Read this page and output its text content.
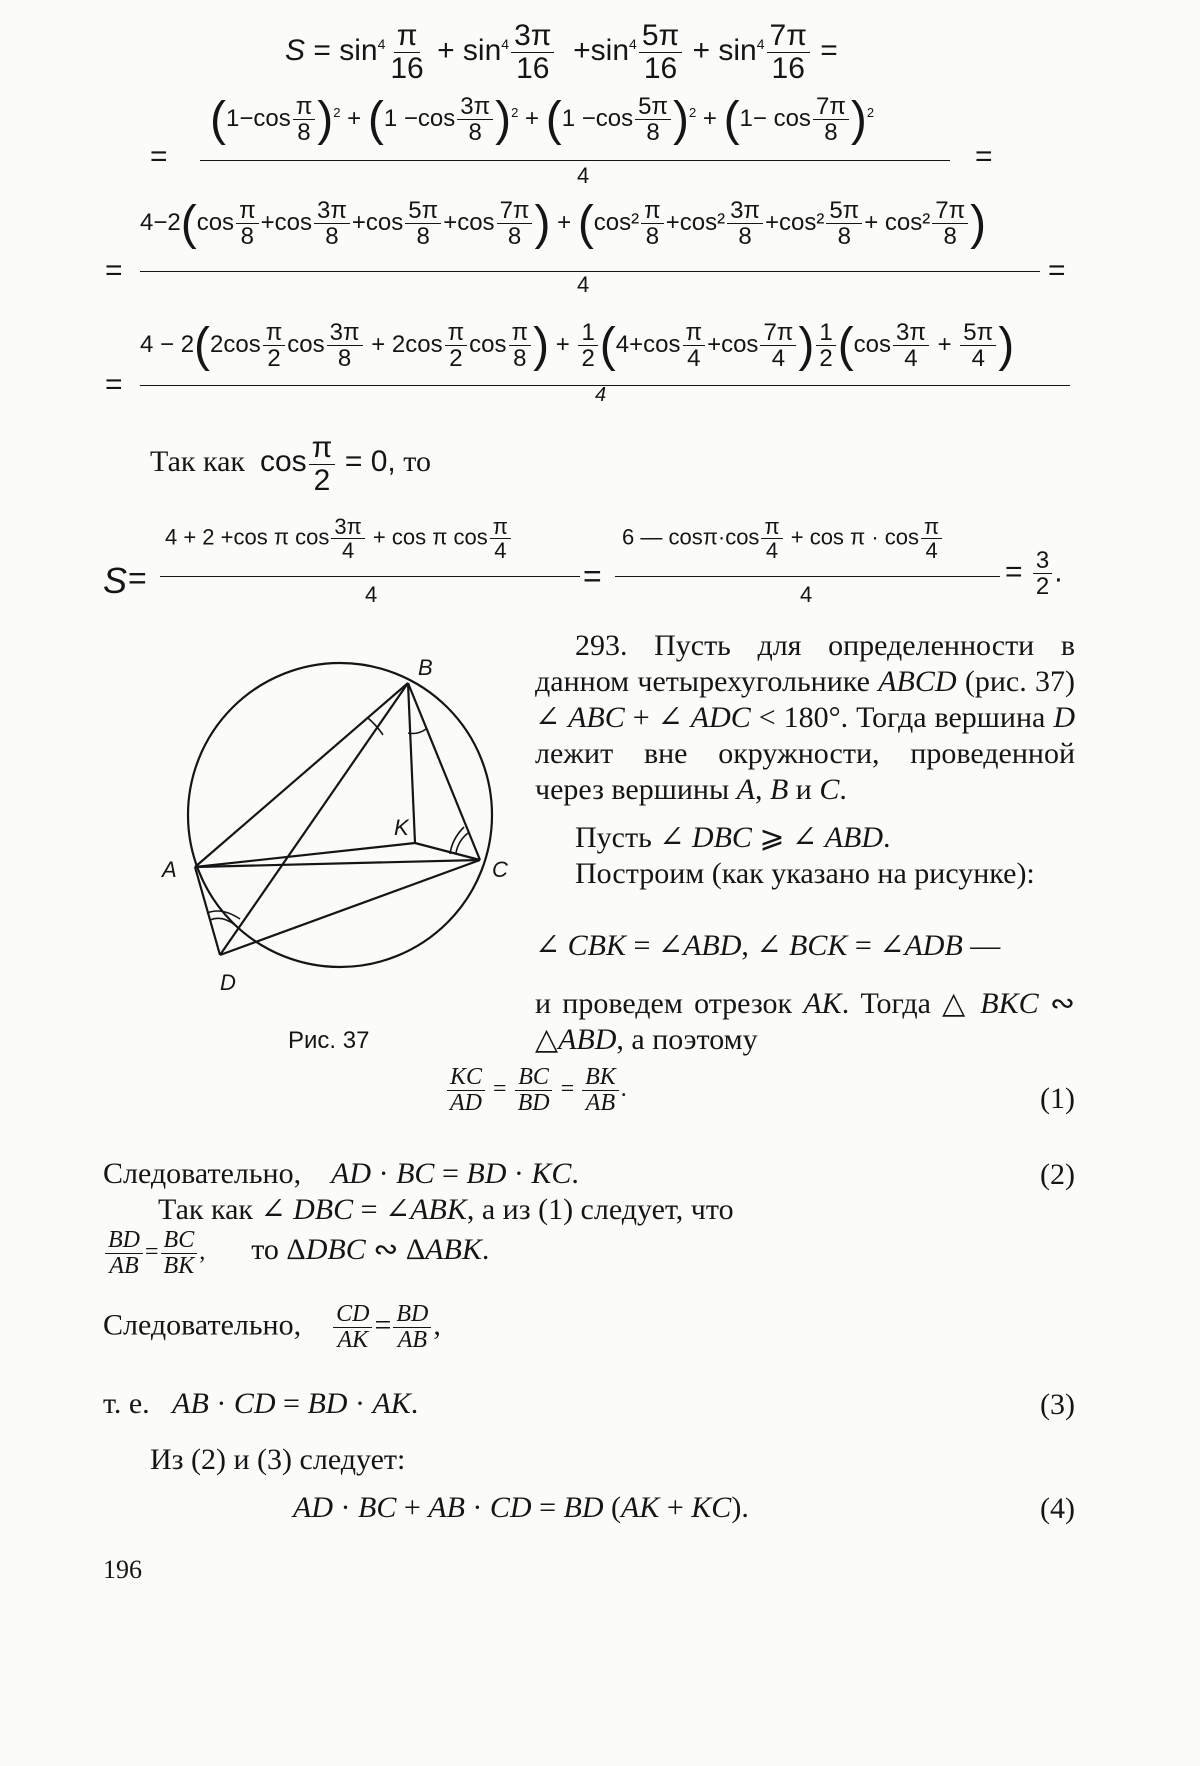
$S = \sin^4 \frac{\pi}{16} + \sin^4 \frac{3\pi}{16} +\sin^4 \frac{5\pi}{16} + \sin^4 \frac{7\pi}{16}$ =
$(1-\cos \frac{\pi}{8} )^2 + (1 -\cos \frac{3\pi}{8} )^2 + (1 -\cos \frac{5\pi}{8} )^2 + (1- \cos \frac{7\pi}{8} )^2$
=
4
=
$4-2(\cos \frac{\pi}{8} +\cos \frac{3\pi}{8} +\cos \frac{5\pi}{8} +\cos \frac{7\pi}{8}$ ) + ($\cos^2 \frac{\pi}{8} +\cos^2 \frac{3\pi}{8} +\cos^2 \frac{5\pi}{8} + \cos^2 \frac{7\pi}{8}$ )
=	4	=
$4 - 2(2\cos \frac{\pi}{2}$ $\cos \frac{3\pi}{8} + 2\cos \frac{\pi}{2}$ $\cos \frac{\pi}{8}$ ) + $\frac{1}{2} (4+\cos \frac{\pi}{4} +\cos \frac{7\pi}{4}$ ) $\frac{1}{2} (\cos \frac{3\pi}{4} + \frac{5\pi}{4}$ )
=	4
Так как  $\cos \frac{\pi}{2} = 0$, то
S =
4 + 2 +cos π $\cos \frac{3\pi}{4} + \cos \pi$ $\cos \frac{\pi}{4}$
4
=
6 — $\cos\pi\cdot\cos \frac{\pi}{4} + \cos \pi \cdot \cos \frac{\pi}{4}$
4
= $\frac{3}{2}$ .
B
A	C
K
D
Рис. 37
293. Пусть для определенности в данном четырехугольнике ABCD (рис. 37) ∠ ABC + ∠ ADC < 180°. Тогда вершина D лежит вне окружности, проведенной через вершины A, B и C.
Пусть ∠ DBC ⩾ ∠ ABD.
Построим (как указано на рисунке):
∠ CBK = ∠ABD, ∠ BCK = ∠ADB —
и проведем отрезок AK. Тогда △ BKC ∾ △ABD, а поэтому
$\frac{KC}{AD} = \frac{BC}{BD} = \frac{BK}{AB}$ .	(1)
Следовательно,    AD · BC = BD · KC.	(2)
Так как ∠ DBC = ∠ABK, а из (1) следует, что
$\frac{BD}{AB} = \frac{BC}{BK}$ , то ΔDBC ∾ ΔABK.
Следовательно, $\frac{CD}{AK} = \frac{BD}{AB}$ ,
т. е.   AB · CD = BD · AK.	(3)
Из (2) и (3) следует:
AD · BC + AB · CD = BD (AK + KC).	(4)
196
